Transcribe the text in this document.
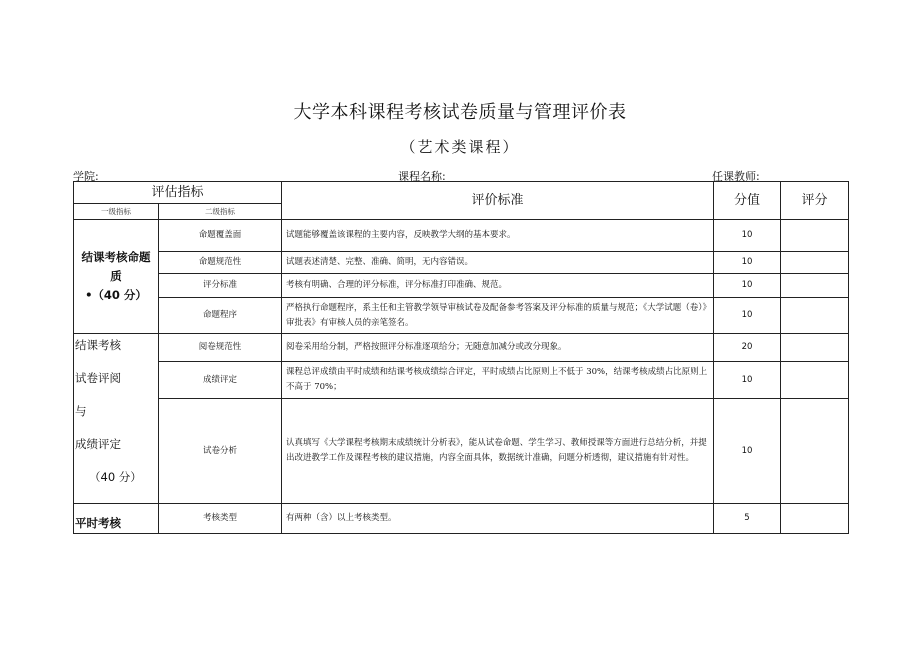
大学本科课程考核试卷质量与管理评价表
（艺术类课程）
学院:	课程名称:	任课教师:
评估指标		评价标准	分值	评分
一级指标	二级指标			

结课考核命题质
•（40 分）	命题覆盖面	试题能够覆盖该课程的主要内容，反映教学大纲的基本要求。	10	
	命题规范性	试题表述清楚、完整、准确、简明，无内容错误。	10	
	评分标准	考核有明确、合理的评分标准，评分标准打印准确、规范。	10	
	命题程序	严格执行命题程序，系主任和主管教学领导审核试卷及配备参考答案及评分标准的质量与规范；《大学试题（卷）》审批表》有审核人员的亲笔签名。	10	

结课考核
试卷评阅
与
成绩评定
（40 分）	阅卷规范性	阅卷采用给分制，严格按照评分标准逐项给分；无随意加减分或改分现象。	20	
	成绩评定	课程总评成绩由平时成绩和结课考核成绩综合评定，平时成绩占比原则上不低于 30%，结课考核成绩占比原则上不高于 70%；	10	
	试卷分析	认真填写《大学课程考核期末成绩统计分析表》，能从试卷命题、学生学习、教师授课等方面进行总结分析，并提出改进教学工作及课程考核的建议措施，内容全面具体，数据统计准确，问题分析透彻，建议措施有针对性。	10	
平时考核	考核类型	有两种（含）以上考核类型。	5	
